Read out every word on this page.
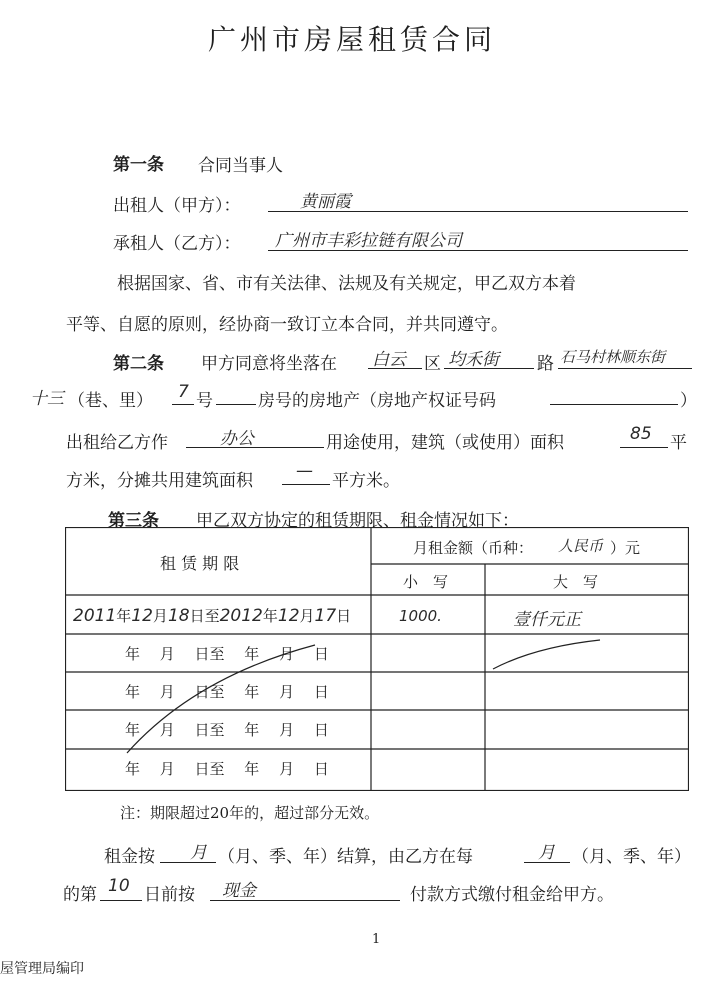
广州市房屋租赁合同
第一条 合同当事人
出租人（甲方）：	黄丽霞
承租人（乙方）： 广州市丰彩拉链有限公司
根据国家、省、市有关法律、法规及有关规定，甲乙双方本着
平等、自愿的原则，经协商一致订立本合同，并共同遵守。
第二条 甲方同意将坐落在 白云 区 均禾街 路 石马村林顺东街
十三 （巷、里） 7 号	房号的房地产（房地产权证号码	）
出租给乙方作	办公	用途使用，建筑（或使用）面积	85 平
方米，分摊共用建筑面积	— 平方米。
第三条 甲乙双方协定的租赁期限、租金情况如下：
租 赁 期 限
月租金额（币种： 人民币 ）元
小　写	大　写
2011年12月18日至2012年12月17日	1000.	壹仟元正
年　 月　 日至　 年　 月　 日
年　 月　 日至　 年　 月　 日
年　 月　 日至　 年　 月　 日
年　 月　 日至　 年　 月　 日
注：期限超过20年的，超过部分无效。
租金按 月 （月、季、年）结算，由乙方在每	月 （月、季、年）
的第 10 日前按 现金	付款方式缴付租金给甲方。
1
屋管理局编印
